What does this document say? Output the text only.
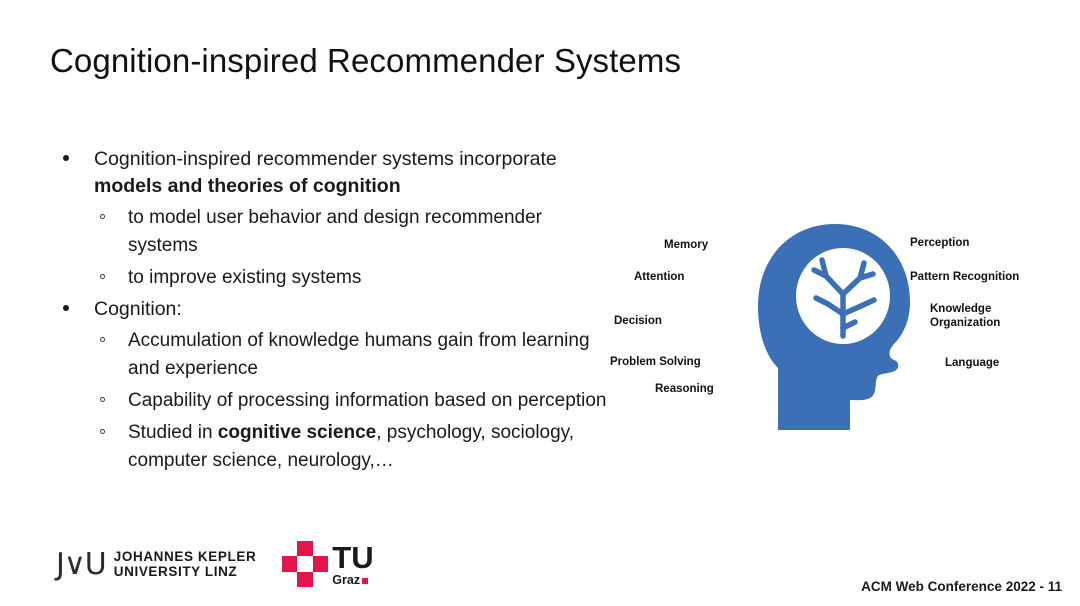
Cognition-inspired Recommender Systems
Cognition-inspired recommender systems incorporate models and theories of cognition
to model user behavior and design recommender systems
to improve existing systems
Cognition:
Accumulation of knowledge humans gain from learning and experience
Capability of processing information based on perception
Studied in cognitive science, psychology, sociology, computer science, neurology,…
Memory
Attention
Decision
Problem Solving
Reasoning
Perception
Pattern Recognition
Knowledge
Organization
Language
J∨U JOHANNES KEPLER
UNIVERSITY LINZ	TU
Graz	ACM Web Conference 2022 - 11
